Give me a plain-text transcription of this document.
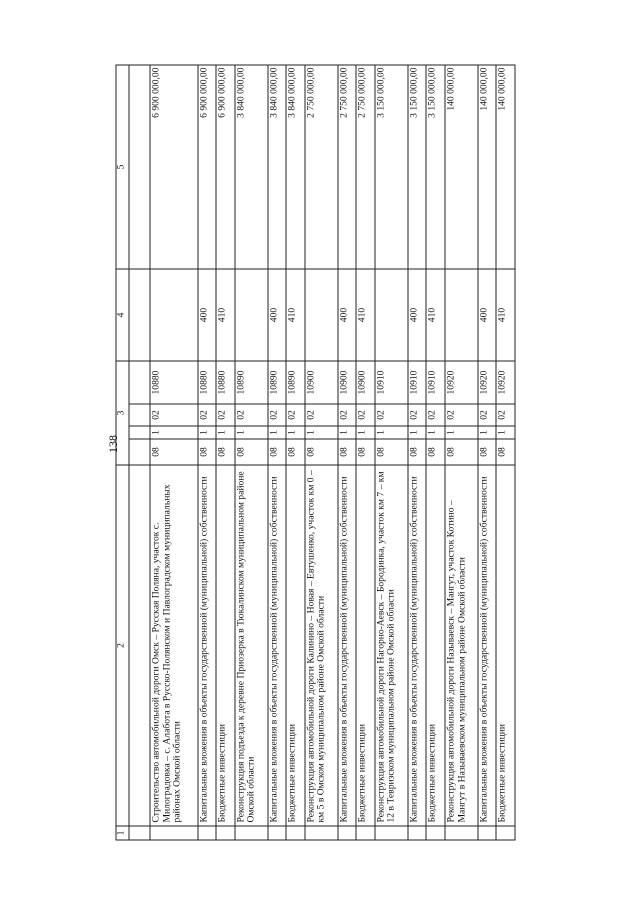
138
1	2	3				4	5

	Строительство автомобильной дороги Омск – Русская Поляна, участок с. Милоградовка – с. Алабота в Русско-Полянском и Павлоградском муниципальных районах Омской области	08	1	02	10880		6 900 000,00
	Капитальные вложения в объекты государственной (муниципальной) собственности	08	1	02	10880	400	6 900 000,00
	Бюджетные инвестиции	08	1	02	10880	410	6 900 000,00
	Реконструкция подъезда к деревне Приозерка в Тюкалинском муниципальном районе Омской области	08	1	02	10890		3 840 000,00
	Капитальные вложения в объекты государственной (муниципальной) собственности	08	1	02	10890	400	3 840 000,00
	Бюджетные инвестиции	08	1	02	10890	410	3 840 000,00
	Реконструкция автомобильной дороги Калинино – Новая – Евтушенко, участок км 0 – км 5 в Омском муниципальном районе Омской области	08	1	02	10900		2 750 000,00
	Капитальные вложения в объекты государственной (муниципальной) собственности	08	1	02	10900	400	2 750 000,00
	Бюджетные инвестиции	08	1	02	10900	410	2 750 000,00
	Реконструкция автомобильной дороги Нагорно-Аевск – Бородинка, участок км 7 – км 12 в Тевризском муниципальном районе Омской области	08	1	02	10910		3 150 000,00
	Капитальные вложения в объекты государственной (муниципальной) собственности	08	1	02	10910	400	3 150 000,00
	Бюджетные инвестиции	08	1	02	10910	410	3 150 000,00
	Реконструкция автомобильной дороги Называевск – Мангут, участок Котино – Мангут в Называевском муниципальном районе Омской области	08	1	02	10920		140 000,00
	Капитальные вложения в объекты государственной (муниципальной) собственности	08	1	02	10920	400	140 000,00
	Бюджетные инвестиции	08	1	02	10920	410	140 000,00
